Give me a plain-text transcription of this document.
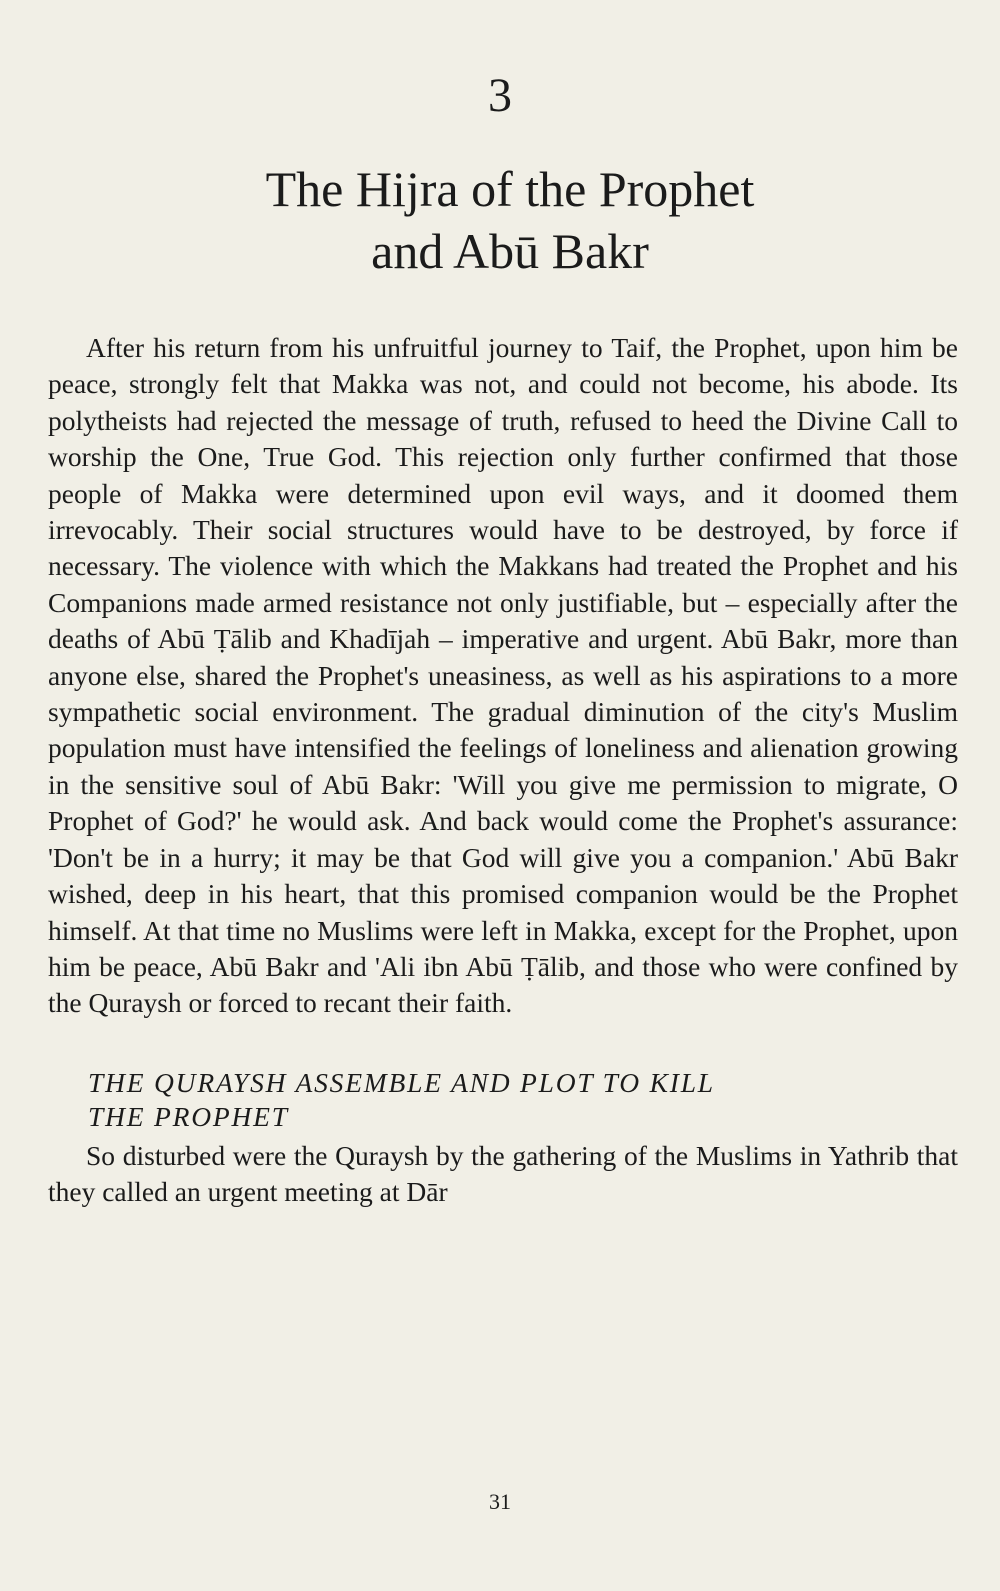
3
The Hijra of the Prophet
and Abū Bakr

After his return from his unfruitful journey to Taif, the Prophet, upon him be peace, strongly felt that Makka was not, and could not become, his abode. Its polytheists had rejected the message of truth, refused to heed the Divine Call to worship the One, True God. This rejection only further confirmed that those people of Makka were determined upon evil ways, and it doomed them irrevocably. Their social structures would have to be destroyed, by force if necessary. The violence with which the Makkans had treated the Prophet and his Companions made armed resistance not only justifiable, but – especially after the deaths of Abū Ṭālib and Khadījah – imperative and urgent. Abū Bakr, more than anyone else, shared the Prophet's uneasiness, as well as his aspirations to a more sympathetic social environment. The gradual diminution of the city's Muslim population must have intensified the feelings of loneliness and alienation growing in the sensitive soul of Abū Bakr: 'Will you give me permission to migrate, O Prophet of God?' he would ask. And back would come the Prophet's assurance: 'Don't be in a hurry; it may be that God will give you a companion.' Abū Bakr wished, deep in his heart, that this promised companion would be the Prophet himself. At that time no Muslims were left in Makka, except for the Prophet, upon him be peace, Abū Bakr and 'Ali ibn Abū Ṭālib, and those who were confined by the Quraysh or forced to recant their faith.

THE QURAYSH ASSEMBLE AND PLOT TO KILL
THE PROPHET

So disturbed were the Quraysh by the gathering of the Muslims in Yathrib that they called an urgent meeting at Dār

31
